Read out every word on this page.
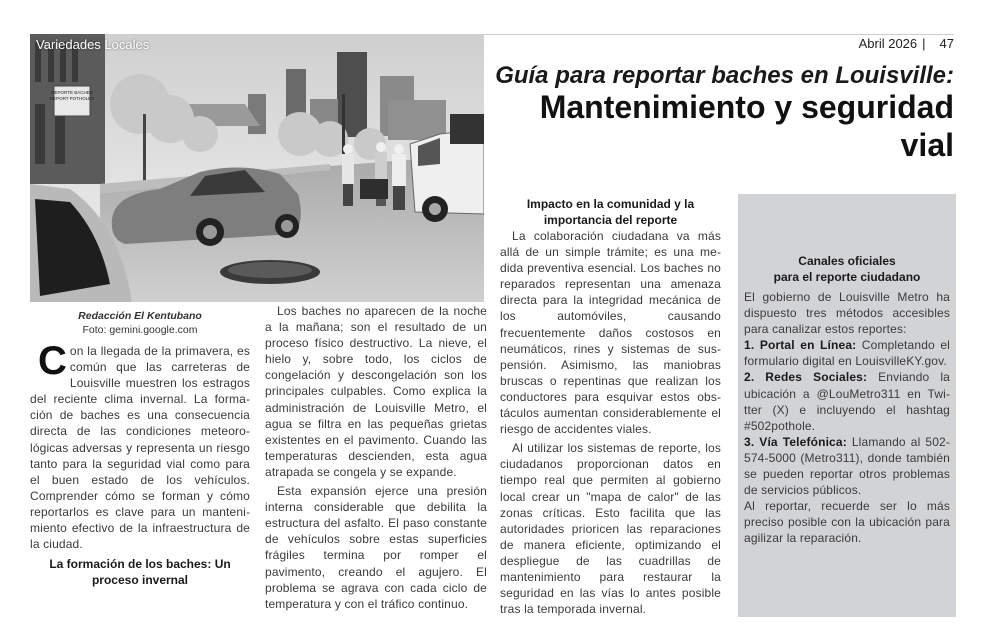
REPORTE BACHES
REPORT POTHOLES
Variedades Locales	Abril 2026 | 47
Guía para reportar baches en Louisville:
Mantenimiento y seguridad vial
Redacción El Kentubano
Foto: gemini.google.com

Con la llegada de la primavera, es común que las carreteras de Louisville muestren los estragos del reciente clima invernal. La formación de baches es una consecuencia directa de las condiciones meteorológicas adversas y representa un riesgo tanto para la seguridad vial como para el buen estado de los vehículos. Comprender cómo se forman y cómo reportarlos es clave para un mantenimiento efectivo de la infraestructura de la ciudad.

La formación de los baches: Un proceso invernal

Los baches no aparecen de la noche a la mañana; son el resultado de un proceso físico destructivo. La nieve, el hielo y, sobre todo, los ciclos de congelación y descongelación son los principales culpables. Como explica la administración de Louisville Metro, el agua se filtra en las pequeñas grietas existentes en el pavimento. Cuando las temperaturas descienden, esta agua atrapada se congela y se expande.

Esta expansión ejerce una presión interna considerable que debilita la estructura del asfalto. El paso constante de vehículos sobre estas superficies frágiles termina por romper el pavimento, creando el agujero. El problema se agrava con cada ciclo de temperatura y con el tráfico continuo.

Impacto en la comunidad y la importancia del reporte

La colaboración ciudadana va más allá de un simple trámite; es una medida preventiva esencial. Los baches no reparados representan una amenaza directa para la integridad mecánica de los automóviles, causando frecuentemente daños costosos en neumáticos, rines y sistemas de suspensión. Asimismo, las maniobras bruscas o repentinas que realizan los conductores para esquivar estos obstáculos aumentan considerablemente el riesgo de accidentes viales.

Al utilizar los sistemas de reporte, los ciudadanos proporcionan datos en tiempo real que permiten al gobierno local crear un "mapa de calor" de las zonas críticas. Esto facilita que las autoridades prioricen las reparaciones de manera eficiente, optimizando el despliegue de las cuadrillas de mantenimiento para restaurar la seguridad en las vías lo antes posible tras la temporada invernal.

Canales oficiales
para el reporte ciudadano

El gobierno de Louisville Metro ha dispuesto tres métodos accesibles para canalizar estos reportes:

1. Portal en Línea: Completando el formulario digital en LouisvilleKY.​gov.

2. Redes Sociales: Enviando la ubicación a @LouMetro311 en Twitter (X) e incluyendo el hashtag #502pothole.

3. Vía Telefónica: Llamando al 502-574-5000 (Metro311), donde también se pueden reportar otros problemas de servicios públicos.

Al reportar, recuerde ser lo más preciso posible con la ubicación para agilizar la reparación.
